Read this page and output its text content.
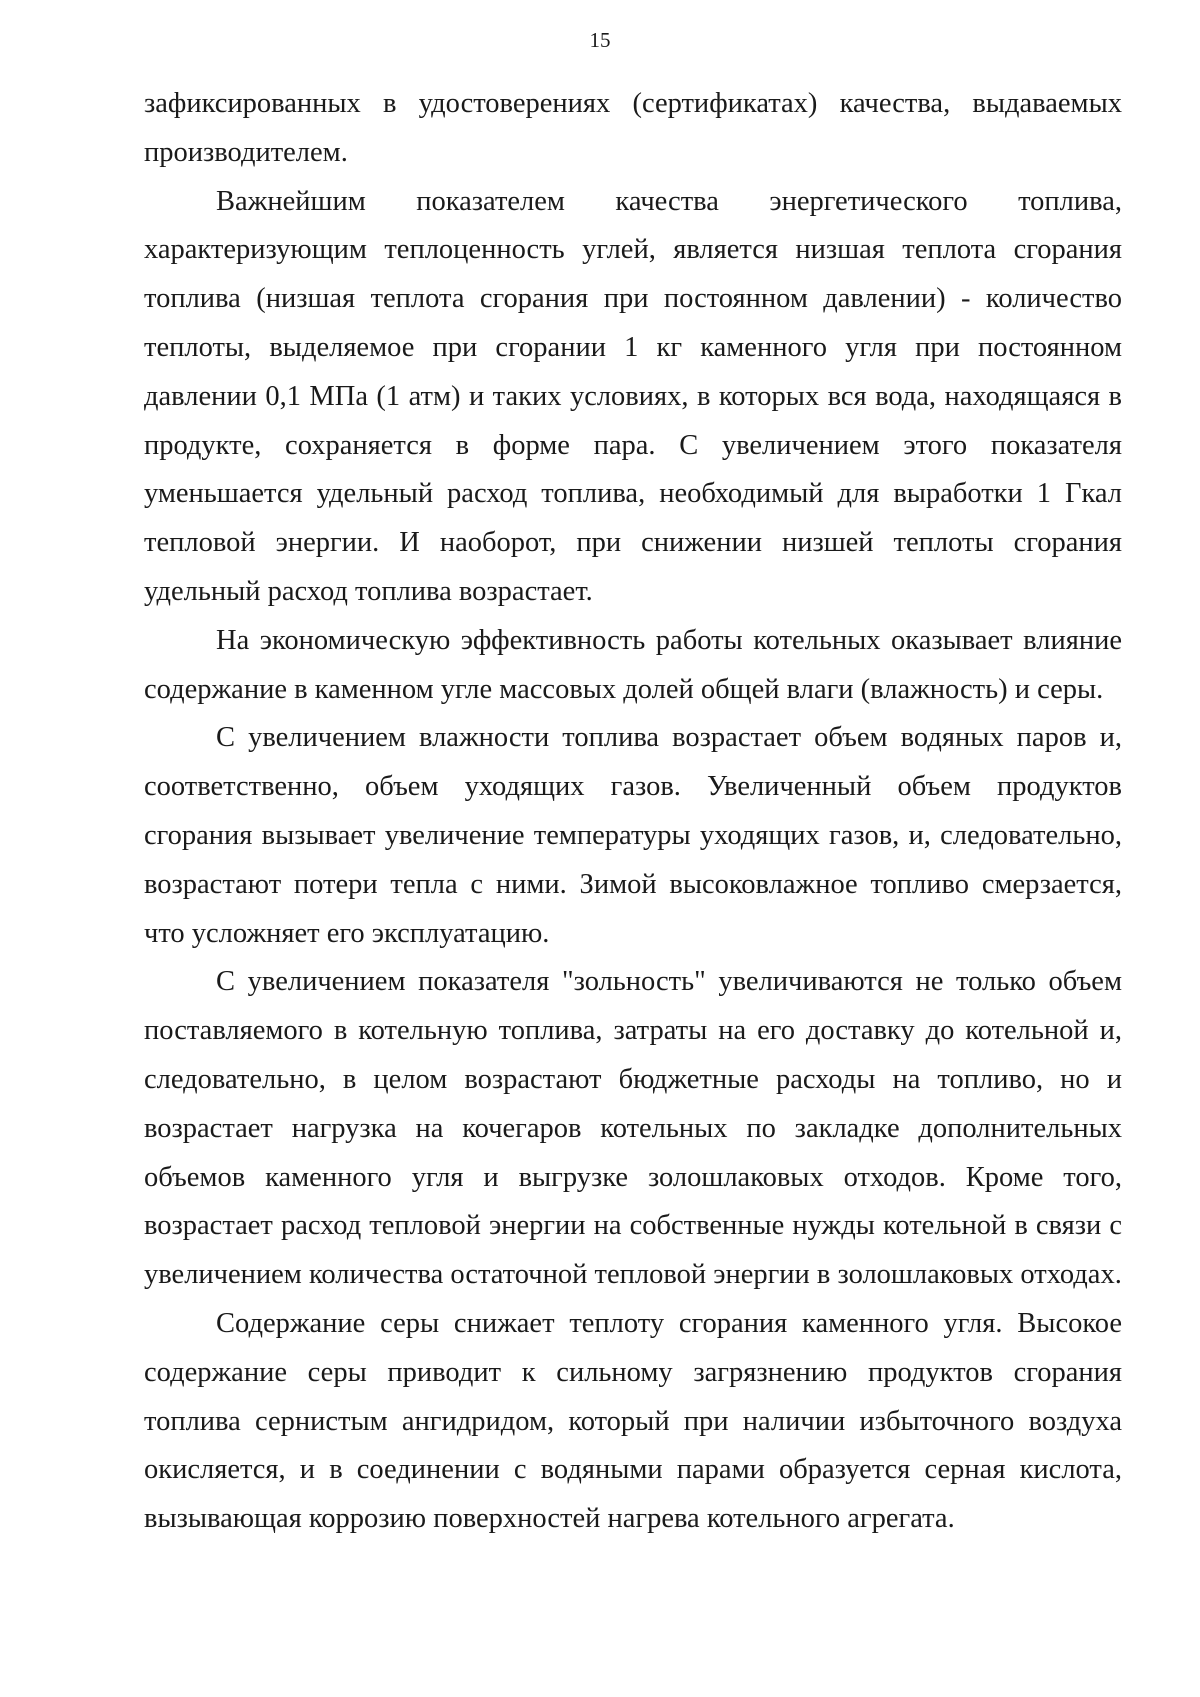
15

зафиксированных в удостоверениях (сертификатах) качества, выдаваемых производителем.

Важнейшим показателем качества энергетического топлива, характеризующим теплоценность углей, является низшая теплота сгорания топлива (низшая теплота сгорания при постоянном давлении) - количество теплоты, выделяемое при сгорании 1 кг каменного угля при постоянном давлении 0,1 МПа (1 атм) и таких условиях, в которых вся вода, находящаяся в продукте, сохраняется в форме пара. С увеличением этого показателя уменьшается удельный расход топлива, необходимый для выработки 1 Гкал тепловой энергии. И наоборот, при снижении низшей теплоты сгорания удельный расход топлива возрастает.

На экономическую эффективность работы котельных оказывает влияние содержание в каменном угле массовых долей общей влаги (влажность) и серы.

С увеличением влажности топлива возрастает объем водяных паров и, соответственно, объем уходящих газов. Увеличенный объем продуктов сгорания вызывает увеличение температуры уходящих газов, и, следовательно, возрастают потери тепла с ними. Зимой высоковлажное топливо смерзается, что усложняет его эксплуатацию.

С увеличением показателя "зольность" увеличиваются не только объем поставляемого в котельную топлива, затраты на его доставку до котельной и, следовательно, в целом возрастают бюджетные расходы на топливо, но и возрастает нагрузка на кочегаров котельных по закладке дополнительных объемов каменного угля и выгрузке золошлаковых отходов. Кроме того, возрастает расход тепловой энергии на собственные нужды котельной в связи с увеличением количества остаточной тепловой энергии в золошлаковых отходах.

Содержание серы снижает теплоту сгорания каменного угля. Высокое содержание серы приводит к сильному загрязнению продуктов сгорания топлива сернистым ангидридом, который при наличии избыточного воздуха окисляется, и в соединении с водяными парами образуется серная кислота, вызывающая коррозию поверхностей нагрева котельного агрегата.
